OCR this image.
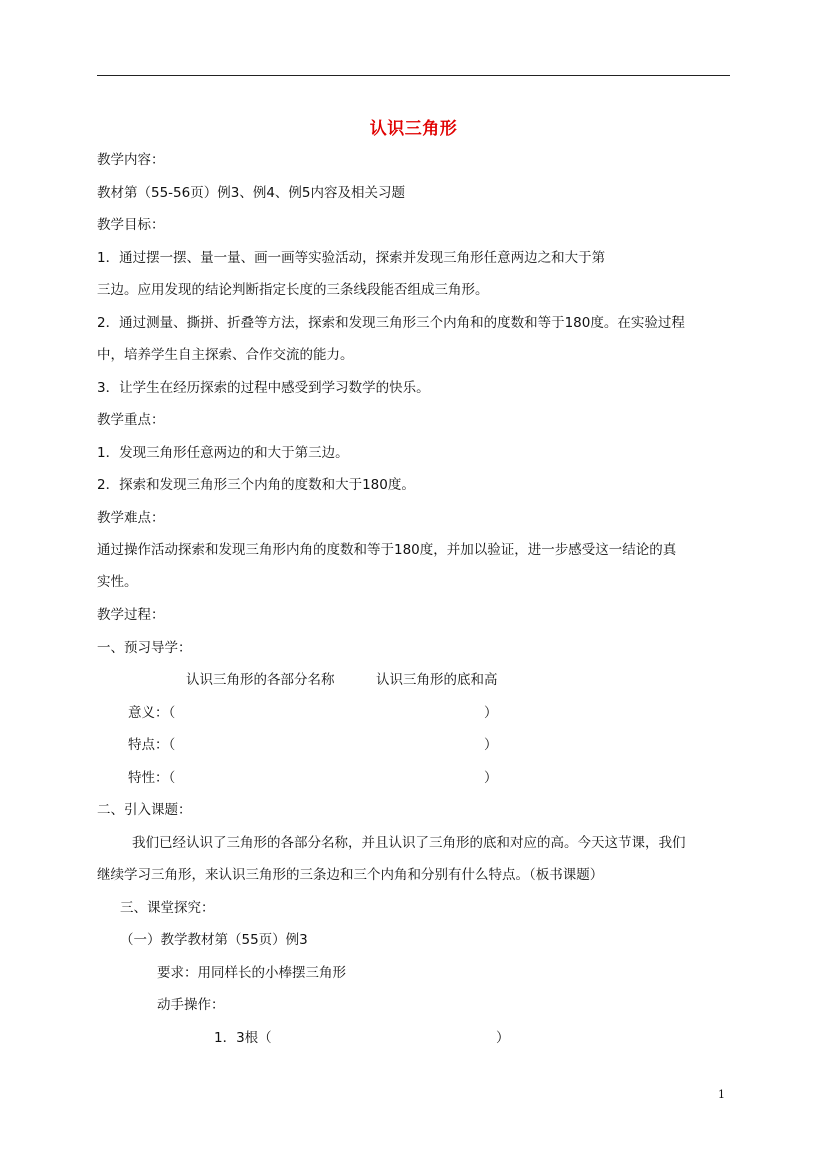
认识三角形
教学内容：
教材第（55-56页）例3、例4、例5内容及相关习题
教学目标：
1．通过摆一摆、量一量、画一画等实验活动，探索并发现三角形任意两边之和大于第
三边。应用发现的结论判断指定长度的三条线段能否组成三角形。
2．通过测量、撕拼、折叠等方法，探索和发现三角形三个内角和的度数和等于180度。在实验过程
中，培养学生自主探索、合作交流的能力。
3．让学生在经历探索的过程中感受到学习数学的快乐。
教学重点：
1．发现三角形任意两边的和大于第三边。
2．探索和发现三角形三个内角的度数和大于180度。
教学难点：
通过操作活动探索和发现三角形内角的度数和等于180度，并加以验证，进一步感受这一结论的真
实性。
教学过程：
一、预习导学：
认识三角形的各部分名称	认识三角形的底和高
意义：（	）
特点：（	）
特性：（	）
二、引入课题：
我们已经认识了三角形的各部分名称，并且认识了三角形的底和对应的高。今天这节课，我们
继续学习三角形，来认识三角形的三条边和三个内角和分别有什么特点。（板书课题）
三、课堂探究：
（一）教学教材第（55页）例3
要求：用同样长的小棒摆三角形
动手操作：
1．3根（	）
1
